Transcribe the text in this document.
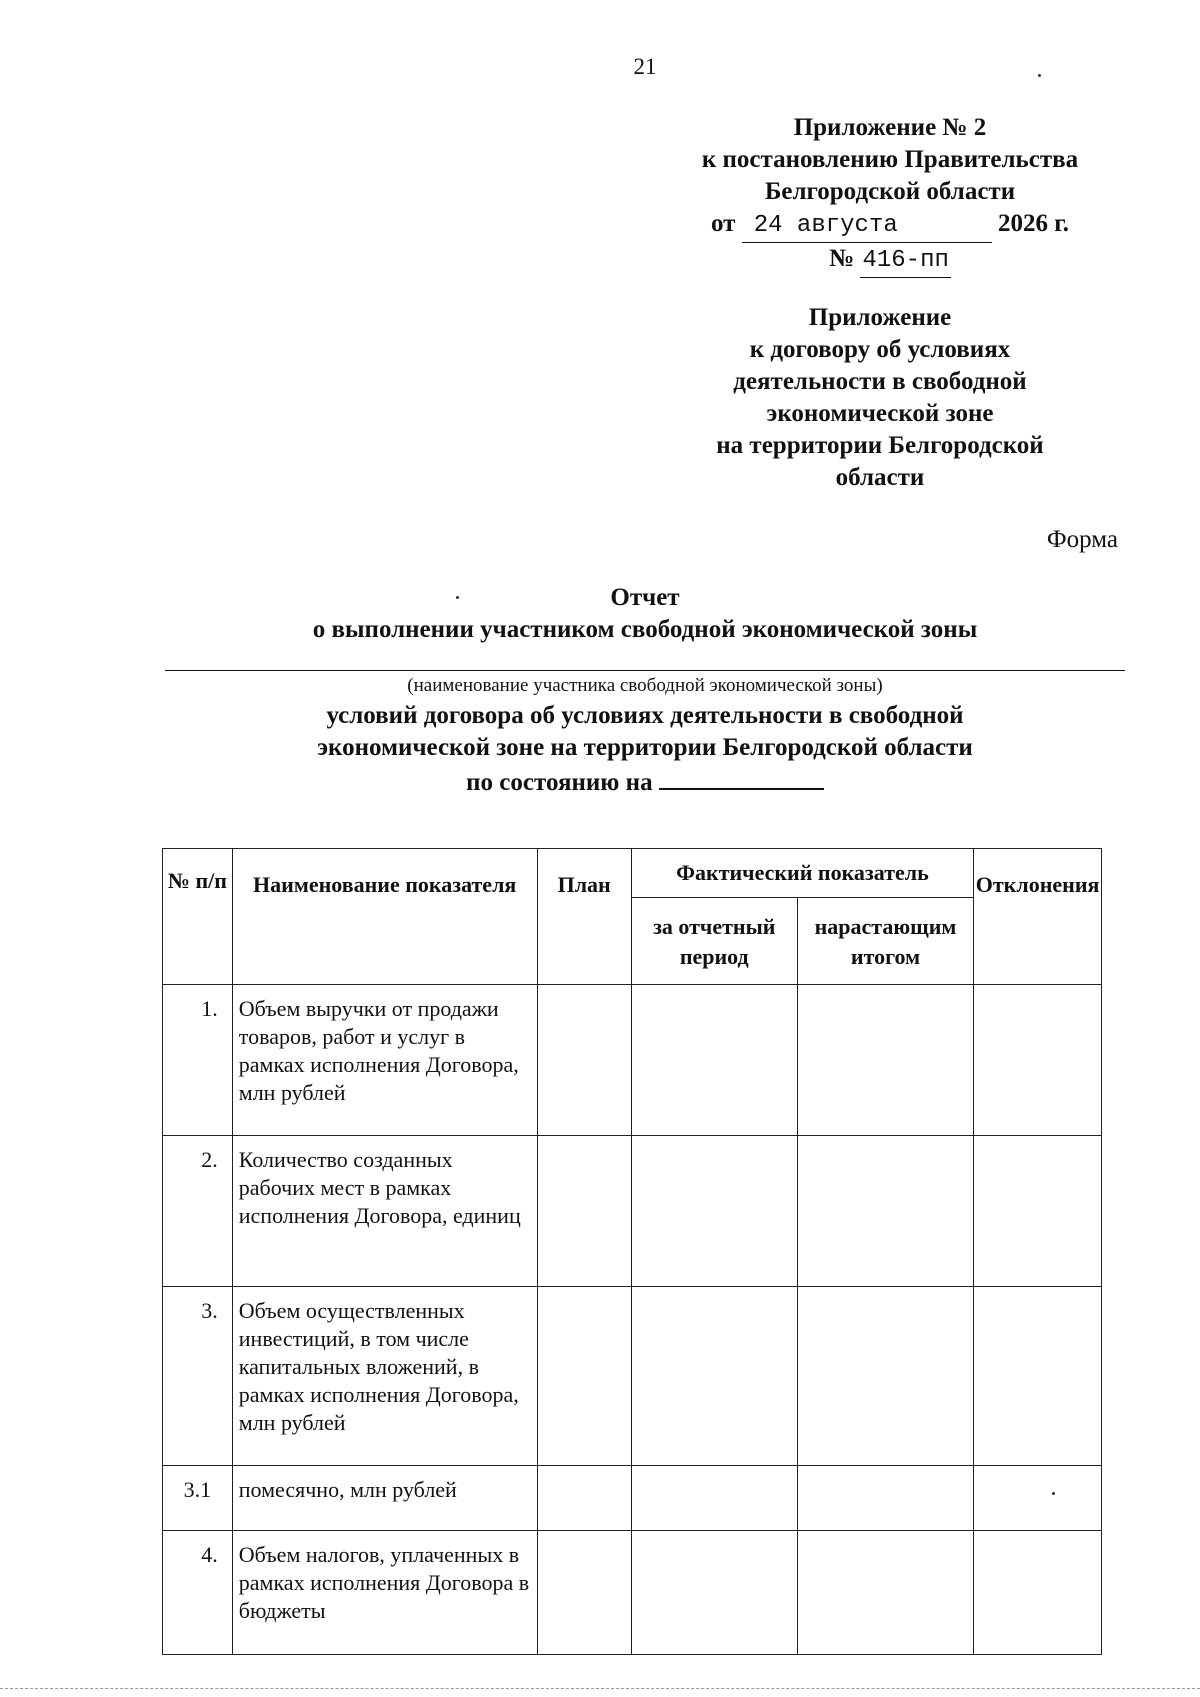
21
Приложение № 2
к постановлению Правительства
Белгородской области
от 24 августа	2026 г.
№ 416-пп
Приложение
к договору об условиях
деятельности в свободной
экономической зоне
на территории Белгородской
области
Форма
Отчет
о выполнении участником свободной экономической зоны
(наименование участника свободной экономической зоны)
условий договора об условиях деятельности в свободной
экономической зоне на территории Белгородской области
по состоянию на
№ п/п	Наименование показателя	План	Фактический показатель		Отклонения
			за отчетный период	нарастающим итогом	
1.	Объем выручки от продажи товаров, работ и услуг в рамках исполнения Договора, млн рублей				
2.	Количество созданных рабочих мест в рамках исполнения Договора, единиц				
3.	Объем осуществленных инвестиций, в том числе капитальных вложений, в рамках исполнения Договора, млн рублей				
3.1	помесячно, млн рублей				
4.	Объем налогов, уплаченных в рамках исполнения Договора в бюджеты				
